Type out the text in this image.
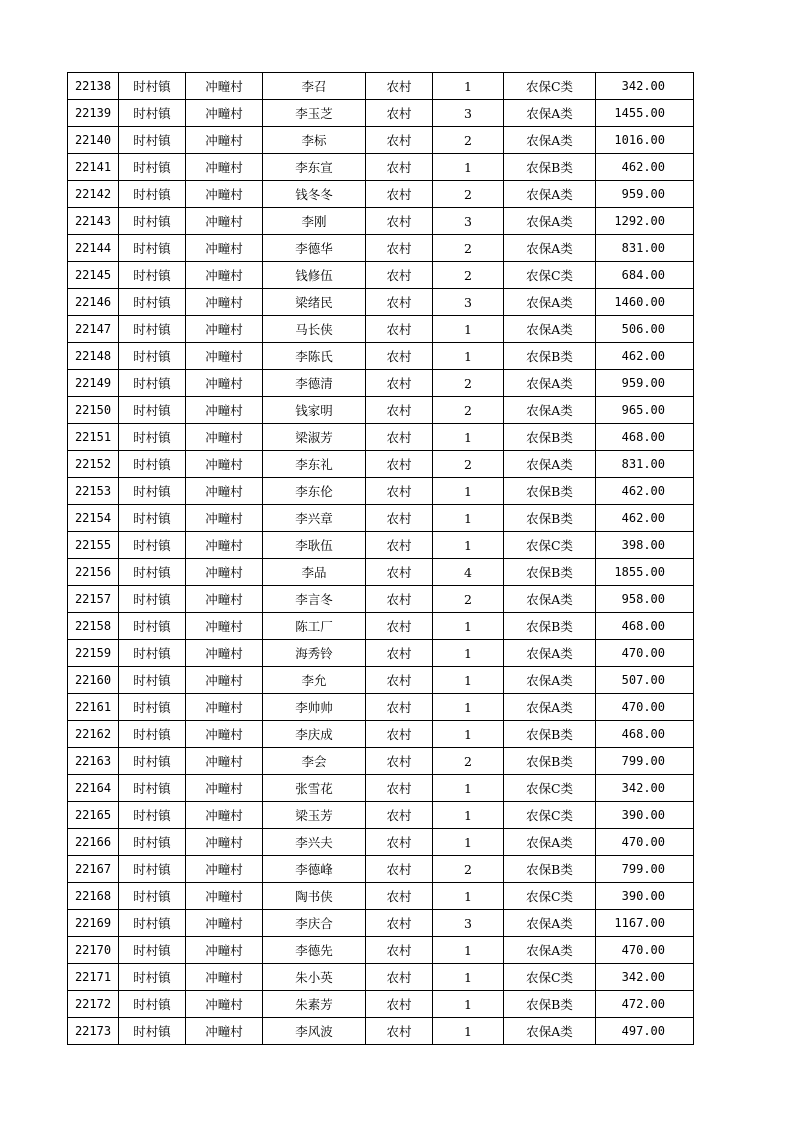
22138	时村镇	冲疃村	李召	农村	1	农保C类	342.00
22139	时村镇	冲疃村	李玉芝	农村	3	农保A类	1455.00
22140	时村镇	冲疃村	李标	农村	2	农保A类	1016.00
22141	时村镇	冲疃村	李东宣	农村	1	农保B类	462.00
22142	时村镇	冲疃村	钱冬冬	农村	2	农保A类	959.00
22143	时村镇	冲疃村	李刚	农村	3	农保A类	1292.00
22144	时村镇	冲疃村	李德华	农村	2	农保A类	831.00
22145	时村镇	冲疃村	钱修伍	农村	2	农保C类	684.00
22146	时村镇	冲疃村	梁绪民	农村	3	农保A类	1460.00
22147	时村镇	冲疃村	马长侠	农村	1	农保A类	506.00
22148	时村镇	冲疃村	李陈氏	农村	1	农保B类	462.00
22149	时村镇	冲疃村	李德清	农村	2	农保A类	959.00
22150	时村镇	冲疃村	钱家明	农村	2	农保A类	965.00
22151	时村镇	冲疃村	梁淑芳	农村	1	农保B类	468.00
22152	时村镇	冲疃村	李东礼	农村	2	农保A类	831.00
22153	时村镇	冲疃村	李东伦	农村	1	农保B类	462.00
22154	时村镇	冲疃村	李兴章	农村	1	农保B类	462.00
22155	时村镇	冲疃村	李耿伍	农村	1	农保C类	398.00
22156	时村镇	冲疃村	李品	农村	4	农保B类	1855.00
22157	时村镇	冲疃村	李言冬	农村	2	农保A类	958.00
22158	时村镇	冲疃村	陈工厂	农村	1	农保B类	468.00
22159	时村镇	冲疃村	海秀铃	农村	1	农保A类	470.00
22160	时村镇	冲疃村	李允	农村	1	农保A类	507.00
22161	时村镇	冲疃村	李帅帅	农村	1	农保A类	470.00
22162	时村镇	冲疃村	李庆成	农村	1	农保B类	468.00
22163	时村镇	冲疃村	李会	农村	2	农保B类	799.00
22164	时村镇	冲疃村	张雪花	农村	1	农保C类	342.00
22165	时村镇	冲疃村	梁玉芳	农村	1	农保C类	390.00
22166	时村镇	冲疃村	李兴夫	农村	1	农保A类	470.00
22167	时村镇	冲疃村	李德峰	农村	2	农保B类	799.00
22168	时村镇	冲疃村	陶书侠	农村	1	农保C类	390.00
22169	时村镇	冲疃村	李庆合	农村	3	农保A类	1167.00
22170	时村镇	冲疃村	李德先	农村	1	农保A类	470.00
22171	时村镇	冲疃村	朱小英	农村	1	农保C类	342.00
22172	时村镇	冲疃村	朱素芳	农村	1	农保B类	472.00
22173	时村镇	冲疃村	李风波	农村	1	农保A类	497.00
